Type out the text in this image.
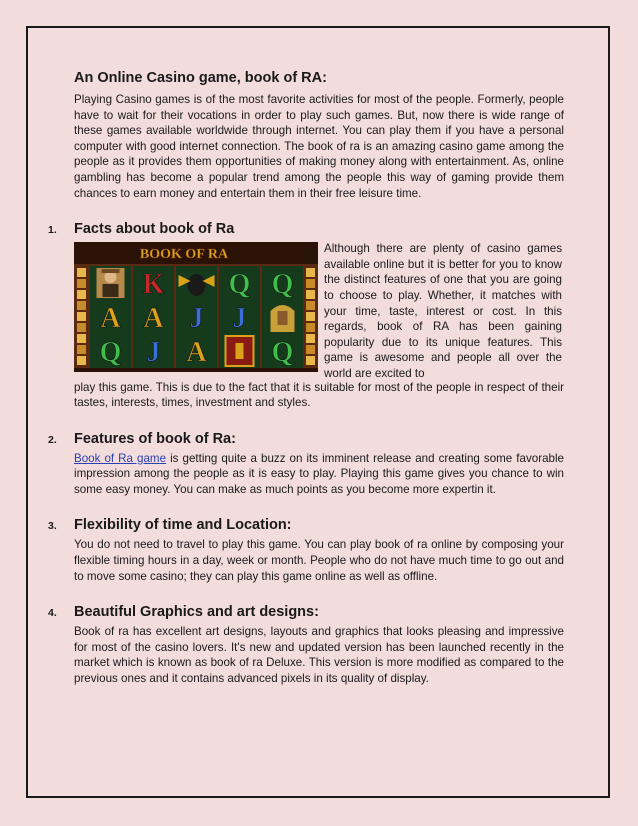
An Online Casino game, book of RA:
Playing Casino games is of the most favorite activities for most of the people. Formerly, people have to wait for their vocations in order to play such games. But, now there is wide range of these games available worldwide through internet. You can play them if you have a personal computer with good internet connection. The book of ra is an amazing casino game among the people as it provides them opportunities of making money along with entertainment. As, online gambling has become a popular trend among the people this way of gaming provide them chances to earn money and entertain them in their free leisure time.
1.	Facts about book of Ra
BOOK OF RA
A
Q
K
A
J
J
A
Q
J
Q
Q
Although there are plenty of casino games available online but it is better for you to know the distinct features of one that you are going to choose to play. Whether, it matches with your time, taste, interest or cost. In this regards, book of RA has been gaining popularity due to its unique features. This game is awesome and people all over the world are excited to
play this game. This is due to the fact that it is suitable for most of the people in respect of their tastes, interests, times, investment and styles.
2.	Features of book of Ra:
Book of Ra game is getting quite a buzz on its imminent release and creating some favorable impression among the people as it is easy to play. Playing this game gives you chance to win some easy money. You can make as much points as you become more expertin it.
3.	Flexibility of time and Location:
You do not need to travel to play this game. You can play book of ra online by composing your flexible timing hours in a day, week or month. People who do not have much time to go out and to move some casino; they can play this game online as well as offline.
4.	Beautiful Graphics and art designs:
Book of ra has excellent art designs, layouts and graphics that looks pleasing and impressive for most of the casino lovers. It's new and updated version has been launched recently in the market which is known as book of ra Deluxe. This version is more modified as compared to the previous ones and it contains advanced pixels in its quality of display.
